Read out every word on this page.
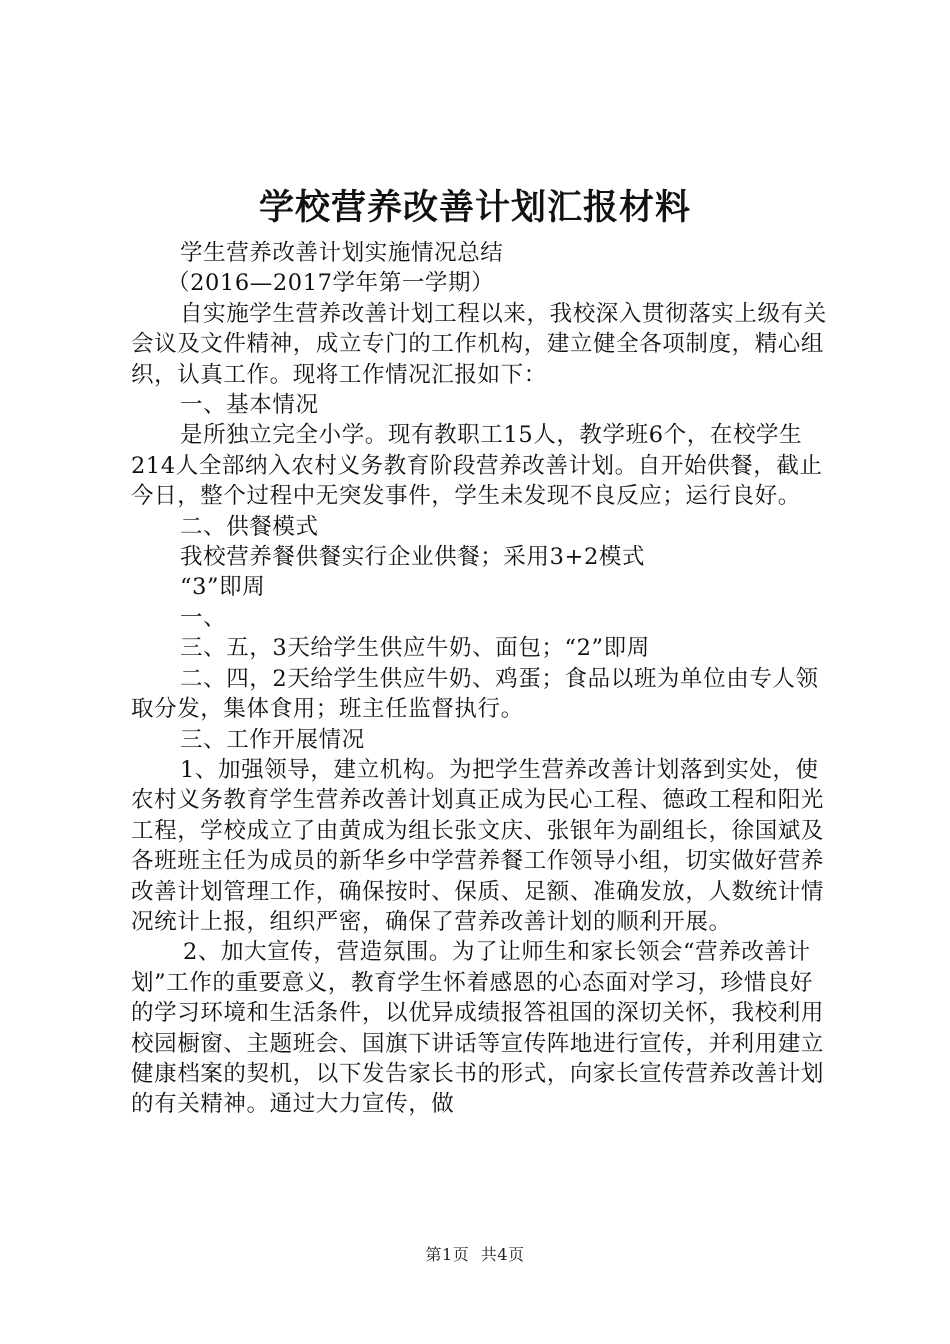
学校营养改善计划汇报材料

学生营养改善计划实施情况总结

（2016—2017学年第一学期）

自实施学生营养改善计划工程以来，我校深入贯彻落实上级有关会议及文件精神，成立专门的工作机构，建立健全各项制度，精心组织，认真工作。现将工作情况汇报如下：

一、基本情况

是所独立完全小学。现有教职工15人，教学班6个，在校学生214人全部纳入农村义务教育阶段营养改善计划。自开始供餐，截止今日，整个过程中无突发事件，学生未发现不良反应；运行良好。

二、供餐模式

我校营养餐供餐实行企业供餐；采用3+2模式

“3”即周

一、

三、五，3天给学生供应牛奶、面包；“2”即周

二、四，2天给学生供应牛奶、鸡蛋；食品以班为单位由专人领取分发，集体食用；班主任监督执行。

三、工作开展情况

1、加强领导，建立机构。为把学生营养改善计划落到实处，使农村义务教育学生营养改善计划真正成为民心工程、德政工程和阳光工程，学校成立了由黄成为组长张文庆、张银年为副组长，徐国斌及各班班主任为成员的新华乡中学营养餐工作领导小组，切实做好营养改善计划管理工作，确保按时、保质、足额、准确发放，人数统计情况统计上报，组织严密，确保了营养改善计划的顺利开展。

2、加大宣传，营造氛围。为了让师生和家长领会“营养改善计划”工作的重要意义，教育学生怀着感恩的心态面对学习，珍惜良好的学习环境和生活条件，以优异成绩报答祖国的深切关怀，我校利用校园橱窗、主题班会、国旗下讲话等宣传阵地进行宣传，并利用建立健康档案的契机，以下发告家长书的形式，向家长宣传营养改善计划的有关精神。通过大力宣传，做

第1页 共4页
